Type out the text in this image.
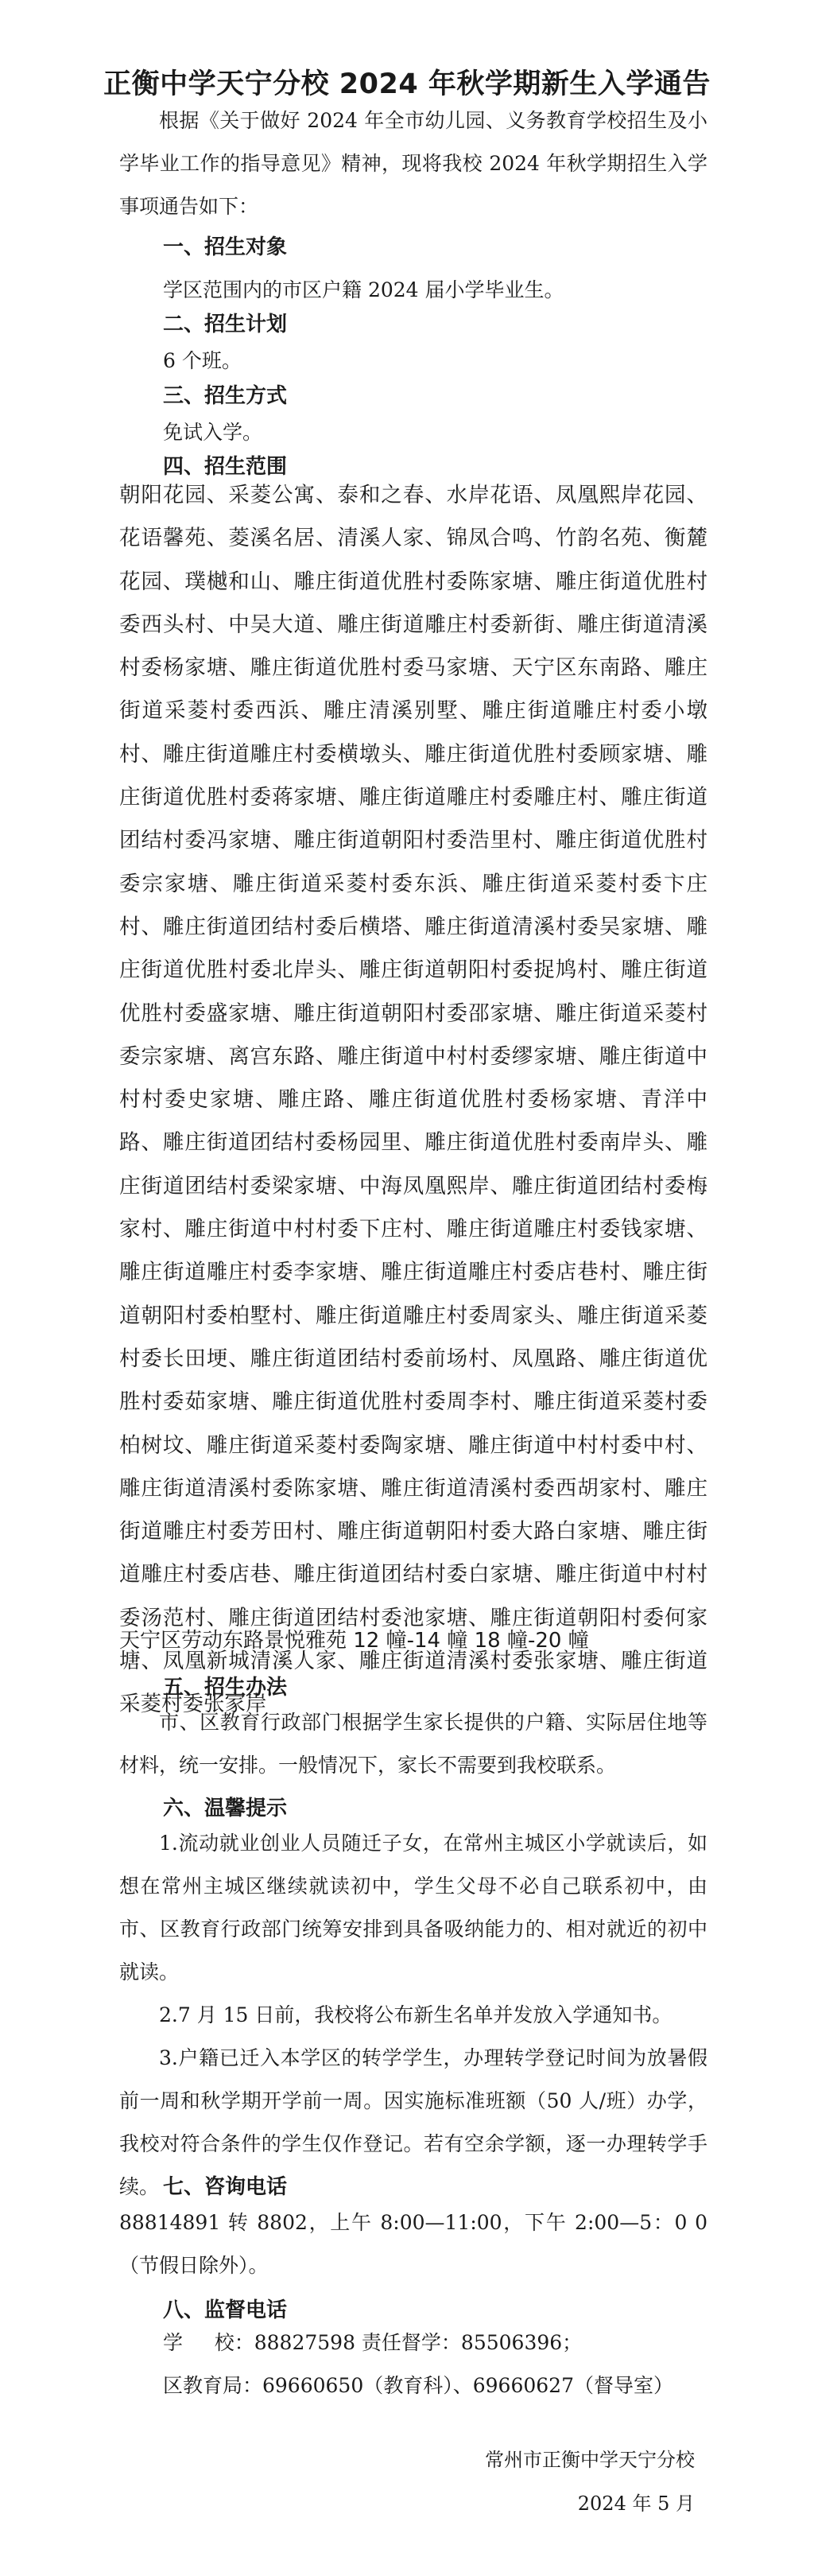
正衡中学天宁分校 2024 年秋学期新生入学通告

根据《关于做好 2024 年全市幼儿园、义务教育学校招生及小学毕业工作的指导意见》精神，现将我校 2024 年秋学期招生入学事项通告如下：

一、招生对象
学区范围内的市区户籍 2024 届小学毕业生。
二、招生计划
6 个班。
三、招生方式
免试入学。
四、招生范围

朝阳花园、采菱公寓、泰和之春、水岸花语、凤凰熙岸花园、花语馨苑、菱溪名居、清溪人家、锦凤合鸣、竹韵名苑、衡麓花园、璞樾和山、雕庄街道优胜村委陈家塘、雕庄街道优胜村委西头村、中吴大道、雕庄街道雕庄村委新街、雕庄街道清溪村委杨家塘、雕庄街道优胜村委马家塘、天宁区东南路、雕庄街道采菱村委西浜、雕庄清溪别墅、雕庄街道雕庄村委小墩村、雕庄街道雕庄村委横墩头、雕庄街道优胜村委顾家塘、雕庄街道优胜村委蒋家塘、雕庄街道雕庄村委雕庄村、雕庄街道团结村委冯家塘、雕庄街道朝阳村委浩里村、雕庄街道优胜村委宗家塘、雕庄街道采菱村委东浜、雕庄街道采菱村委卞庄村、雕庄街道团结村委后横塔、雕庄街道清溪村委吴家塘、雕庄街道优胜村委北岸头、雕庄街道朝阳村委捉鸠村、雕庄街道优胜村委盛家塘、雕庄街道朝阳村委邵家塘、雕庄街道采菱村委宗家塘、离宫东路、雕庄街道中村村委缪家塘、雕庄街道中村村委史家塘、雕庄路、雕庄街道优胜村委杨家塘、青洋中路、雕庄街道团结村委杨园里、雕庄街道优胜村委南岸头、雕庄街道团结村委梁家塘、中海凤凰熙岸、雕庄街道团结村委梅家村、雕庄街道中村村委下庄村、雕庄街道雕庄村委钱家塘、雕庄街道雕庄村委李家塘、雕庄街道雕庄村委店巷村、雕庄街道朝阳村委柏墅村、雕庄街道雕庄村委周家头、雕庄街道采菱村委长田埂、雕庄街道团结村委前场村、凤凰路、雕庄街道优胜村委茹家塘、雕庄街道优胜村委周李村、雕庄街道采菱村委柏树坟、雕庄街道采菱村委陶家塘、雕庄街道中村村委中村、雕庄街道清溪村委陈家塘、雕庄街道清溪村委西胡家村、雕庄街道雕庄村委芳田村、雕庄街道朝阳村委大路白家塘、雕庄街道雕庄村委店巷、雕庄街道团结村委白家塘、雕庄街道中村村委汤范村、雕庄街道团结村委池家塘、雕庄街道朝阳村委何家塘、凤凰新城清溪人家、雕庄街道清溪村委张家塘、雕庄街道采菱村委张家岸

天宁区劳动东路景悦雅苑 12 幢-14 幢 18 幢-20 幢
五、招生办法

市、区教育行政部门根据学生家长提供的户籍、实际居住地等材料，统一安排。一般情况下，家长不需要到我校联系。

六、温馨提示

1.流动就业创业人员随迁子女，在常州主城区小学就读后，如想在常州主城区继续就读初中，学生父母不必自己联系初中，由市、区教育行政部门统筹安排到具备吸纳能力的、相对就近的初中就读。

2.7 月 15 日前，我校将公布新生名单并发放入学通知书。

3.户籍已迁入本学区的转学学生，办理转学登记时间为放暑假前一周和秋学期开学前一周。因实施标准班额（50 人/班）办学，我校对符合条件的学生仅作登记。若有空余学额，逐一办理转学手续。 七、咨询电话

88814891 转 8802，上午 8:00—11:00，下午 2:00—5：0 0（节假日除外）。

八、监督电话
学     校：88827598 责任督学：85506396；
区教育局：69660650（教育科）、69660627（督导室）
常州市正衡中学天宁分校
2024 年 5 月
